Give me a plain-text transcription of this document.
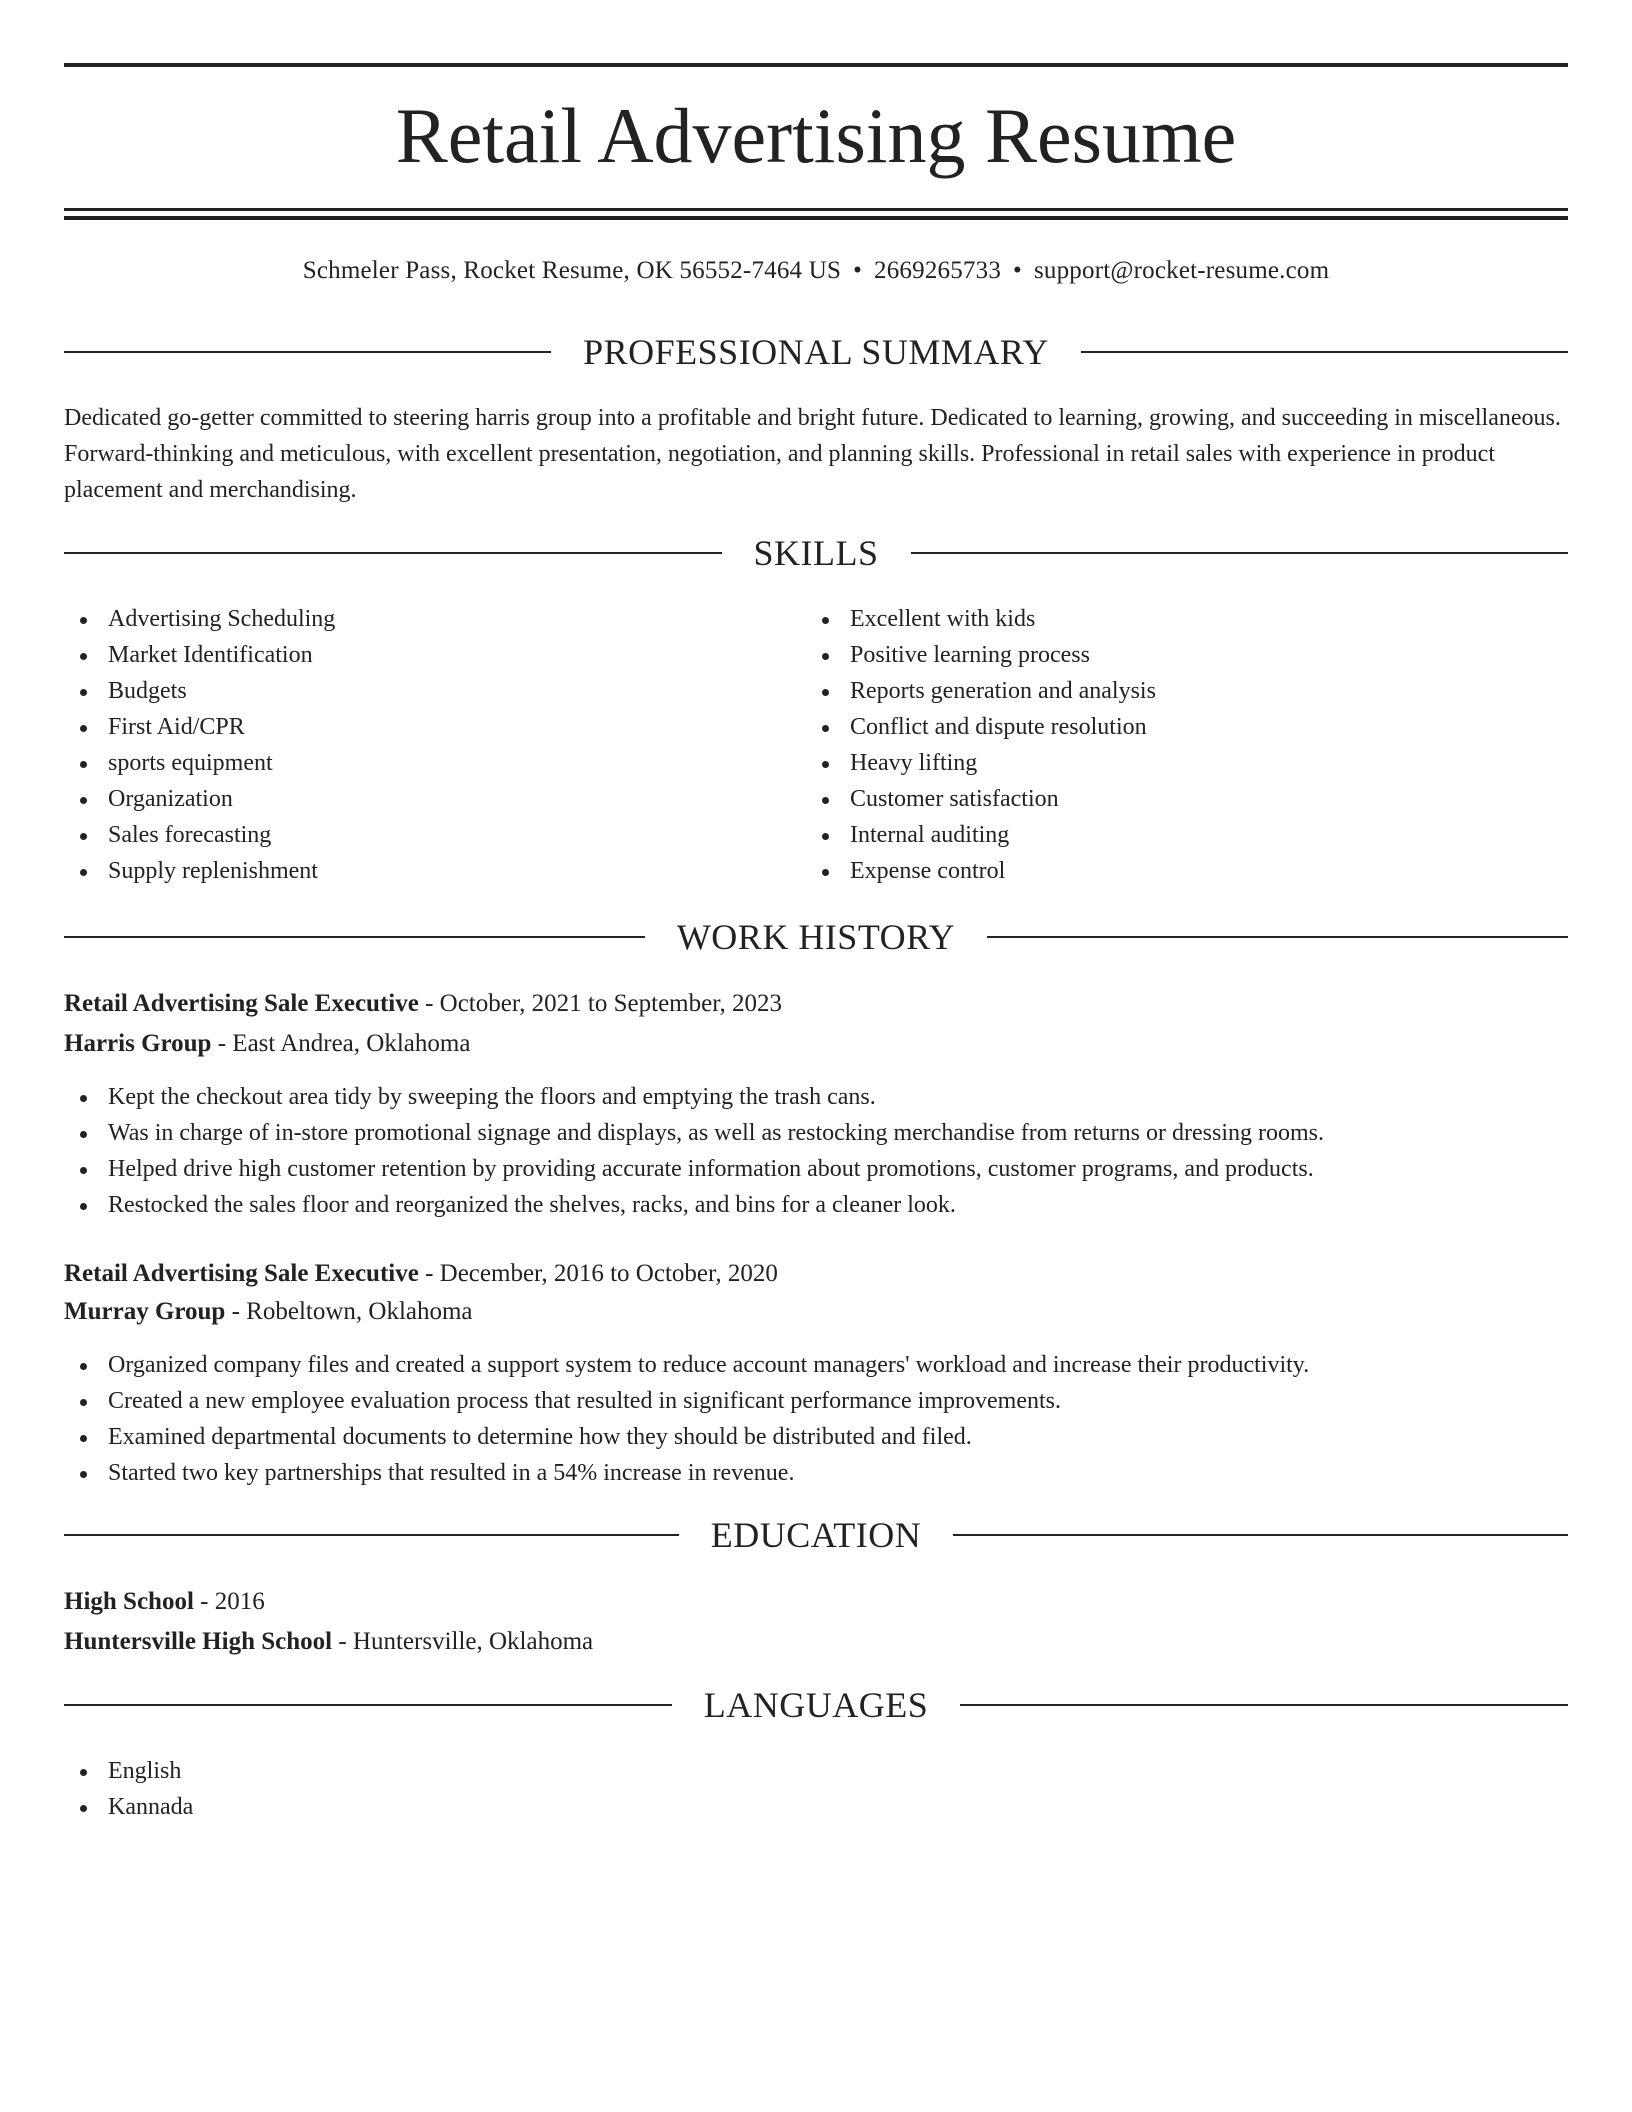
Retail Advertising Resume
Schmeler Pass, Rocket Resume, OK 56552-7464 US • 2669265733 • support@rocket-resume.com
PROFESSIONAL SUMMARY

Dedicated go-getter committed to steering harris group into a profitable and bright future. Dedicated to learning, growing, and succeeding in miscellaneous. Forward-thinking and meticulous, with excellent presentation, negotiation, and planning skills. Professional in retail sales with experience in product placement and merchandising.

SKILLS
Advertising Scheduling
Market Identification
Budgets
First Aid/CPR
sports equipment
Organization
Sales forecasting
Supply replenishment
Excellent with kids
Positive learning process
Reports generation and analysis
Conflict and dispute resolution
Heavy lifting
Customer satisfaction
Internal auditing
Expense control
WORK HISTORY
Retail Advertising Sale Executive - October, 2021 to September, 2023
Harris Group - East Andrea, Oklahoma
Kept the checkout area tidy by sweeping the floors and emptying the trash cans.
Was in charge of in-store promotional signage and displays, as well as restocking merchandise from returns or dressing rooms.
Helped drive high customer retention by providing accurate information about promotions, customer programs, and products.
Restocked the sales floor and reorganized the shelves, racks, and bins for a cleaner look.
Retail Advertising Sale Executive - December, 2016 to October, 2020
Murray Group - Robeltown, Oklahoma
Organized company files and created a support system to reduce account managers' workload and increase their productivity.
Created a new employee evaluation process that resulted in significant performance improvements.
Examined departmental documents to determine how they should be distributed and filed.
Started two key partnerships that resulted in a 54% increase in revenue.
EDUCATION
High School - 2016
Huntersville High School - Huntersville, Oklahoma
LANGUAGES
English
Kannada
